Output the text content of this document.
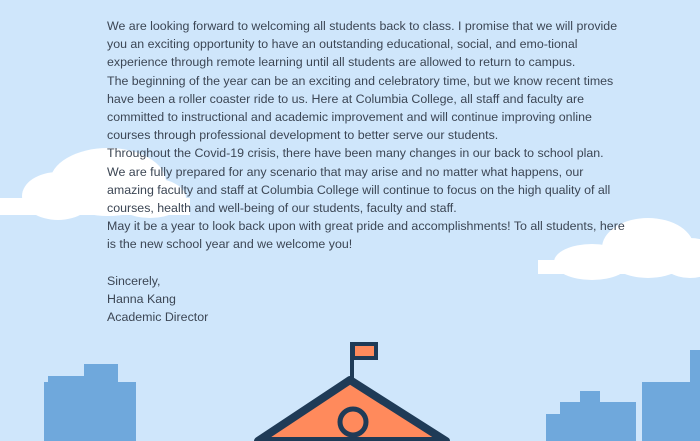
We are looking forward to welcoming all students back to class. I promise that we will provide you an exciting opportunity to have an outstanding educational, social, and emo-tional experience through remote learning until all students are allowed to return to campus.

The beginning of the year can be an exciting and celebratory time, but we know recent times have been a roller coaster ride to us. Here at Columbia College, all staff and faculty are committed to instructional and academic improvement and will continue improving online courses through professional development to better serve our students.

Throughout the Covid-19 crisis, there have been many changes in our back to school plan.

We are fully prepared for any scenario that may arise and no matter what happens, our amazing faculty and staff at Columbia College will continue to focus on the high quality of all courses, health and well-being of our students, faculty and staff.

May it be a year to look back upon with great pride and accomplishments! To all students, here is the new school year and we welcome you!

Sincerely,

Hanna Kang

Academic Director
